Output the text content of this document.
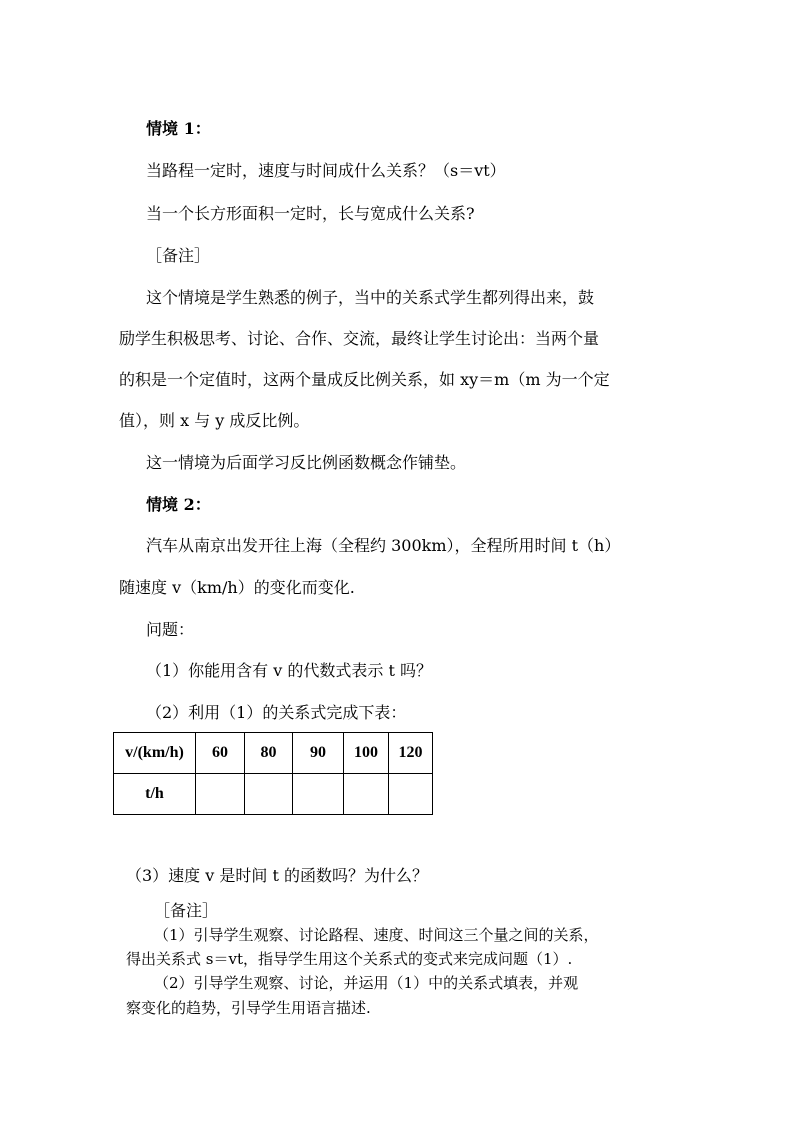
情境 1：
当路程一定时，速度与时间成什么关系？（s＝vt）
当一个长方形面积一定时，长与宽成什么关系?
［备注］
这个情境是学生熟悉的例子，当中的关系式学生都列得出来，鼓
励学生积极思考、讨论、合作、交流，最终让学生讨论出：当两个量
的积是一个定值时，这两个量成反比例关系，如 xy＝m（m 为一个定
值），则 x 与 y 成反比例。
这一情境为后面学习反比例函数概念作铺垫。
情境 2：
汽车从南京出发开往上海（全程约 300km），全程所用时间 t（h）
随速度 v（km/h）的变化而变化.
问题：
（1）你能用含有 v 的代数式表示 t 吗？
（2）利用（1）的关系式完成下表：
v/(km/h)	60	80	90	100	120
t/h					
（3）速度 v 是时间 t 的函数吗？为什么？
［备注］
（1）引导学生观察、讨论路程、速度、时间这三个量之间的关系，
得出关系式 s＝vt，指导学生用这个关系式的变式来完成问题（1）.
（2）引导学生观察、讨论，并运用（1）中的关系式填表，并观
察变化的趋势，引导学生用语言描述.
